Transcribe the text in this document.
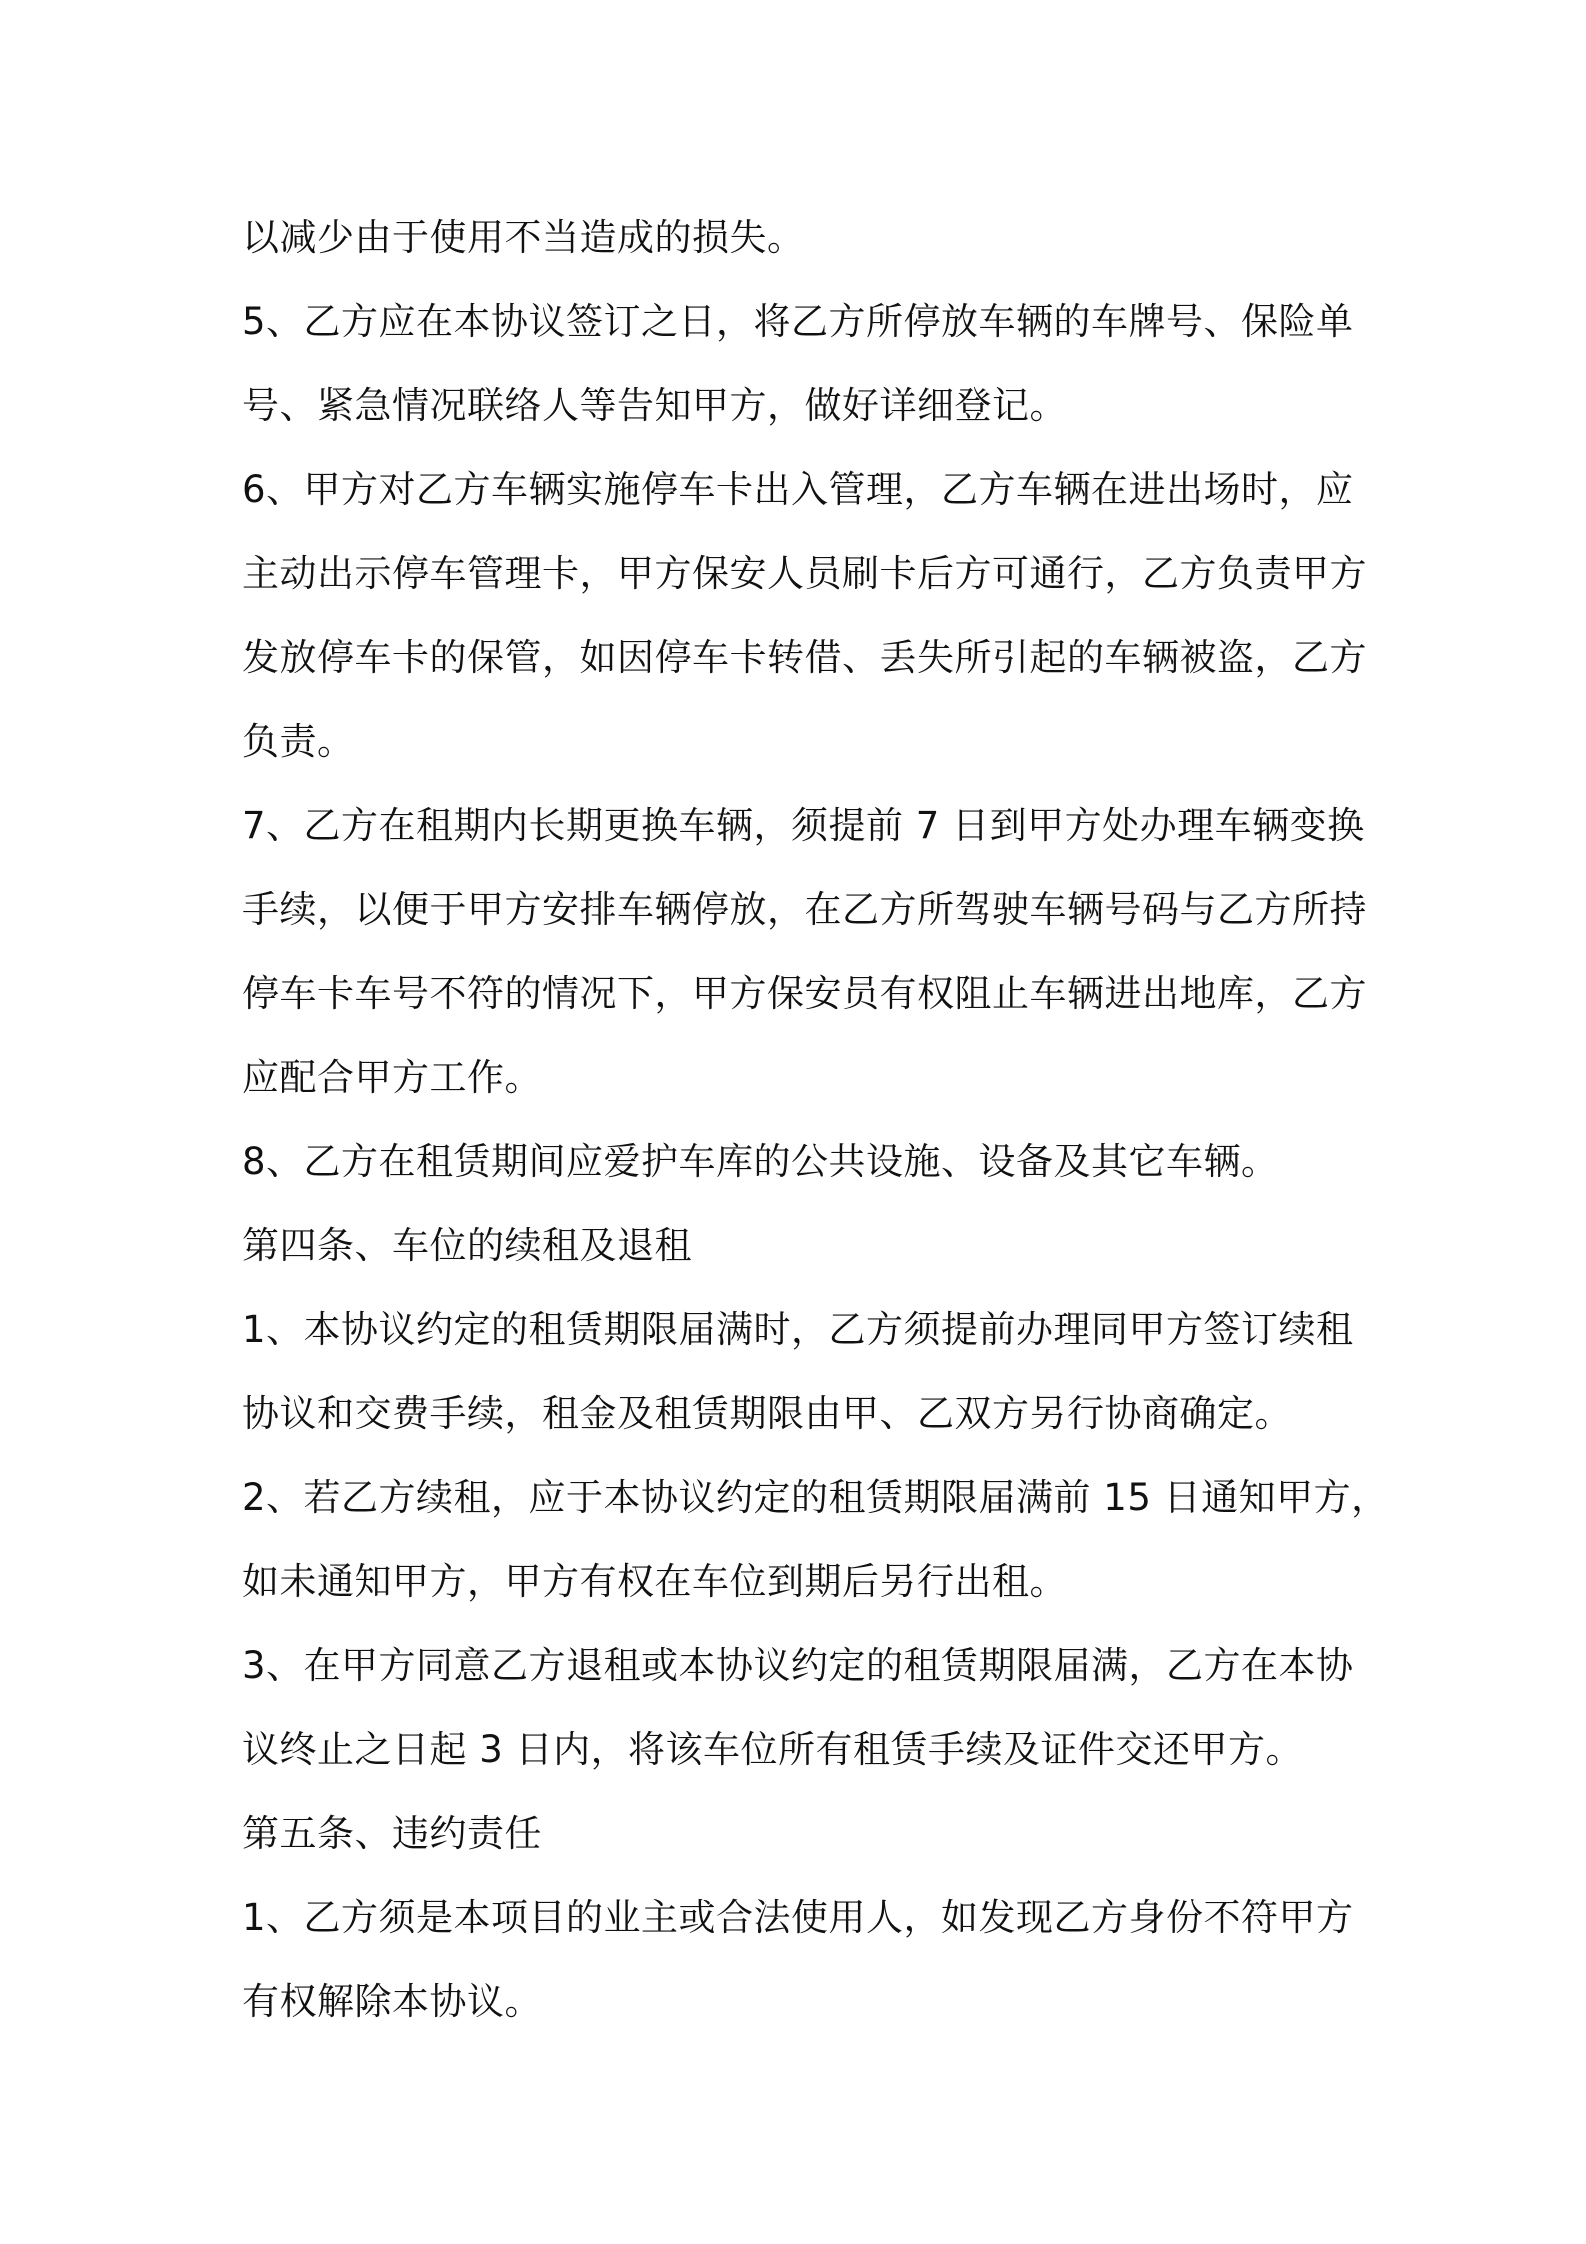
以减少由于使用不当造成的损失。
5、乙方应在本协议签订之日，将乙方所停放车辆的车牌号、保险单
号、紧急情况联络人等告知甲方，做好详细登记。
6、甲方对乙方车辆实施停车卡出入管理，乙方车辆在进出场时，应
主动出示停车管理卡，甲方保安人员刷卡后方可通行，乙方负责甲方
发放停车卡的保管，如因停车卡转借、丢失所引起的车辆被盗，乙方
负责。
7、乙方在租期内长期更换车辆，须提前 7 日到甲方处办理车辆变换
手续，以便于甲方安排车辆停放，在乙方所驾驶车辆号码与乙方所持
停车卡车号不符的情况下，甲方保安员有权阻止车辆进出地库，乙方
应配合甲方工作。
8、乙方在租赁期间应爱护车库的公共设施、设备及其它车辆。
第四条、车位的续租及退租
1、本协议约定的租赁期限届满时，乙方须提前办理同甲方签订续租
协议和交费手续，租金及租赁期限由甲、乙双方另行协商确定。
2、若乙方续租，应于本协议约定的租赁期限届满前 15 日通知甲方，
如未通知甲方，甲方有权在车位到期后另行出租。
3、在甲方同意乙方退租或本协议约定的租赁期限届满，乙方在本协
议终止之日起 3 日内，将该车位所有租赁手续及证件交还甲方。
第五条、违约责任
1、乙方须是本项目的业主或合法使用人，如发现乙方身份不符甲方
有权解除本协议。
